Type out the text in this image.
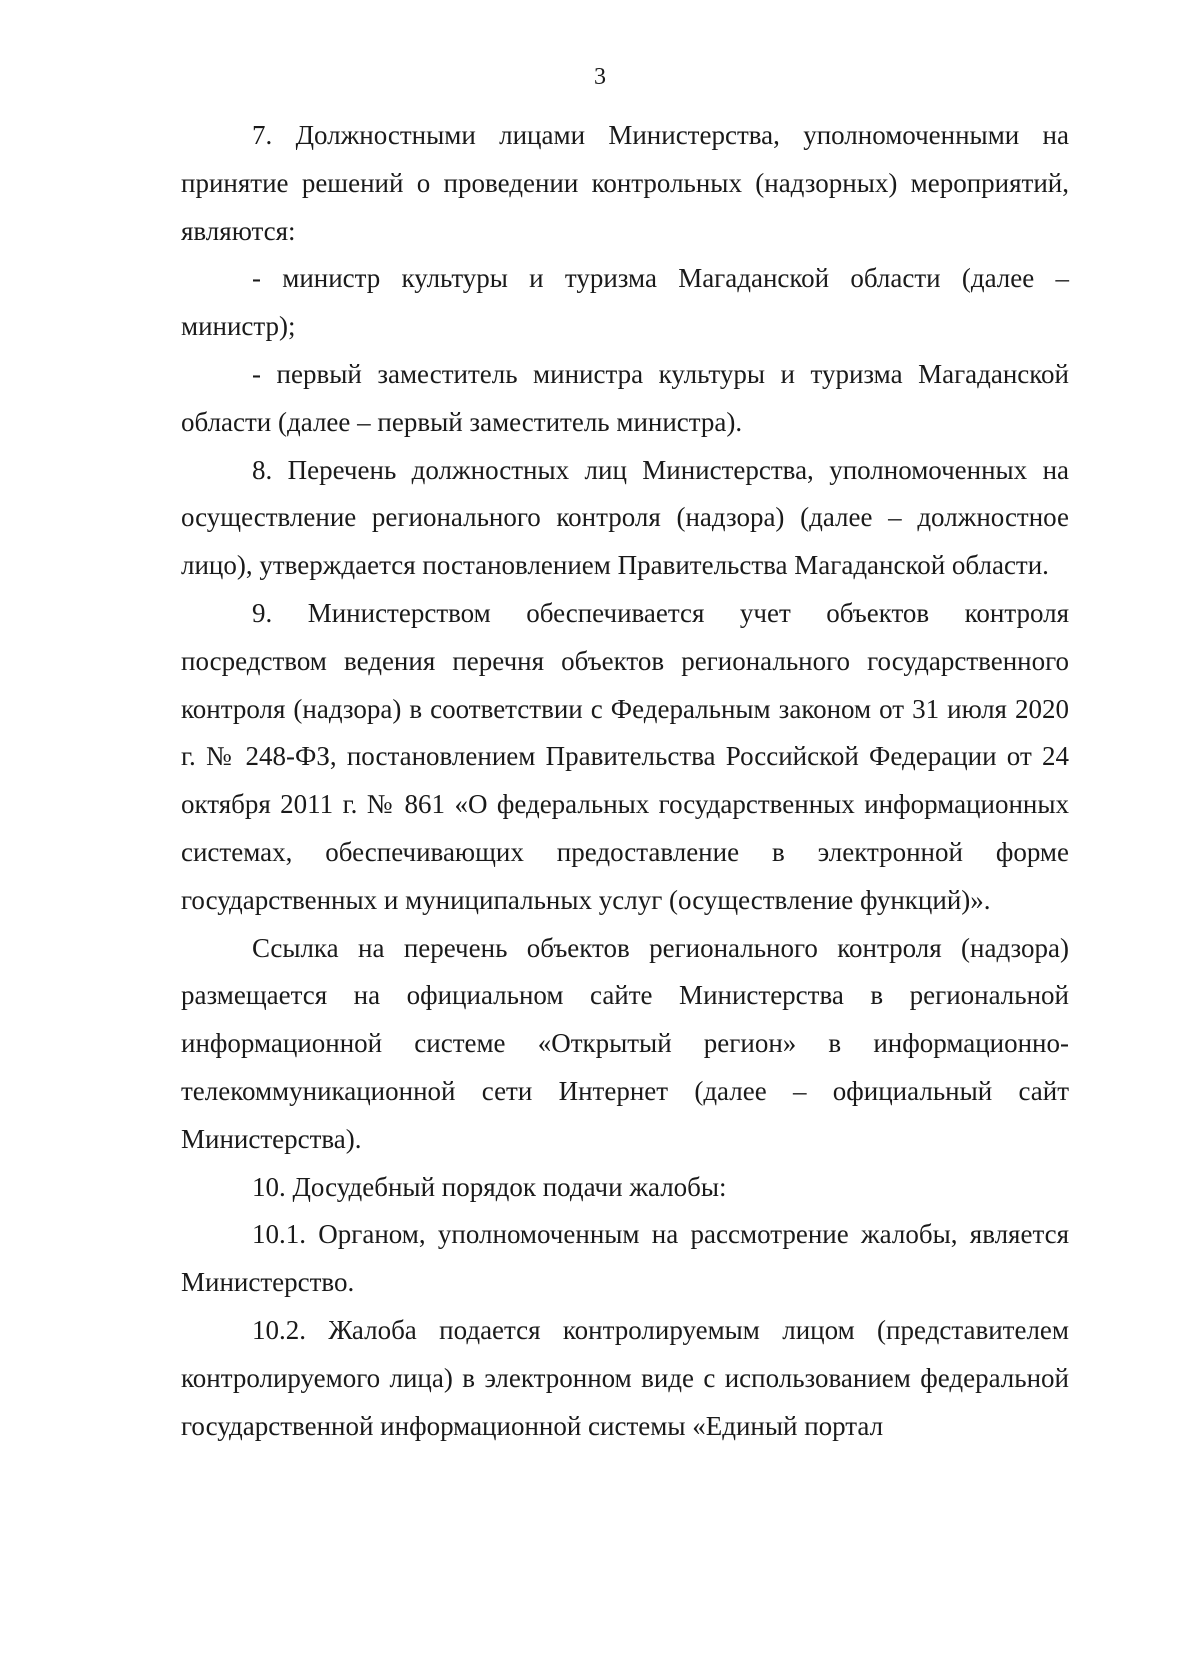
3

7. Должностными лицами Министерства, уполномоченными на принятие решений о проведении контрольных (надзорных) мероприятий, являются:

- министр культуры и туризма Магаданской области (далее – министр);

- первый заместитель министра культуры и туризма Магаданской области (далее – первый заместитель министра).

8. Перечень должностных лиц Министерства, уполномоченных на осуществление регионального контроля (надзора) (далее – должностное лицо), утверждается постановлением Правительства Магаданской области.

9. Министерством обеспечивается учет объектов контроля посредством ведения перечня объектов регионального государственного контроля (надзора) в соответствии с Федеральным законом от 31 июля 2020 г. № 248-ФЗ, постановлением Правительства Российской Федерации от 24 октября 2011 г. № 861 «О федеральных государственных информационных системах, обеспечивающих предоставление в электронной форме государственных и муниципальных услуг (осуществление функций)».

Ссылка на перечень объектов регионального контроля (надзора) размещается на официальном сайте Министерства в региональной информационной системе «Открытый регион» в информационно-телекоммуникационной сети Интернет (далее – официальный сайт Министерства).

10. Досудебный порядок подачи жалобы:

10.1. Органом, уполномоченным на рассмотрение жалобы, является Министерство.

10.2. Жалоба подается контролируемым лицом (представителем контролируемого лица) в электронном виде с использованием федеральной государственной информационной системы «Единый портал
